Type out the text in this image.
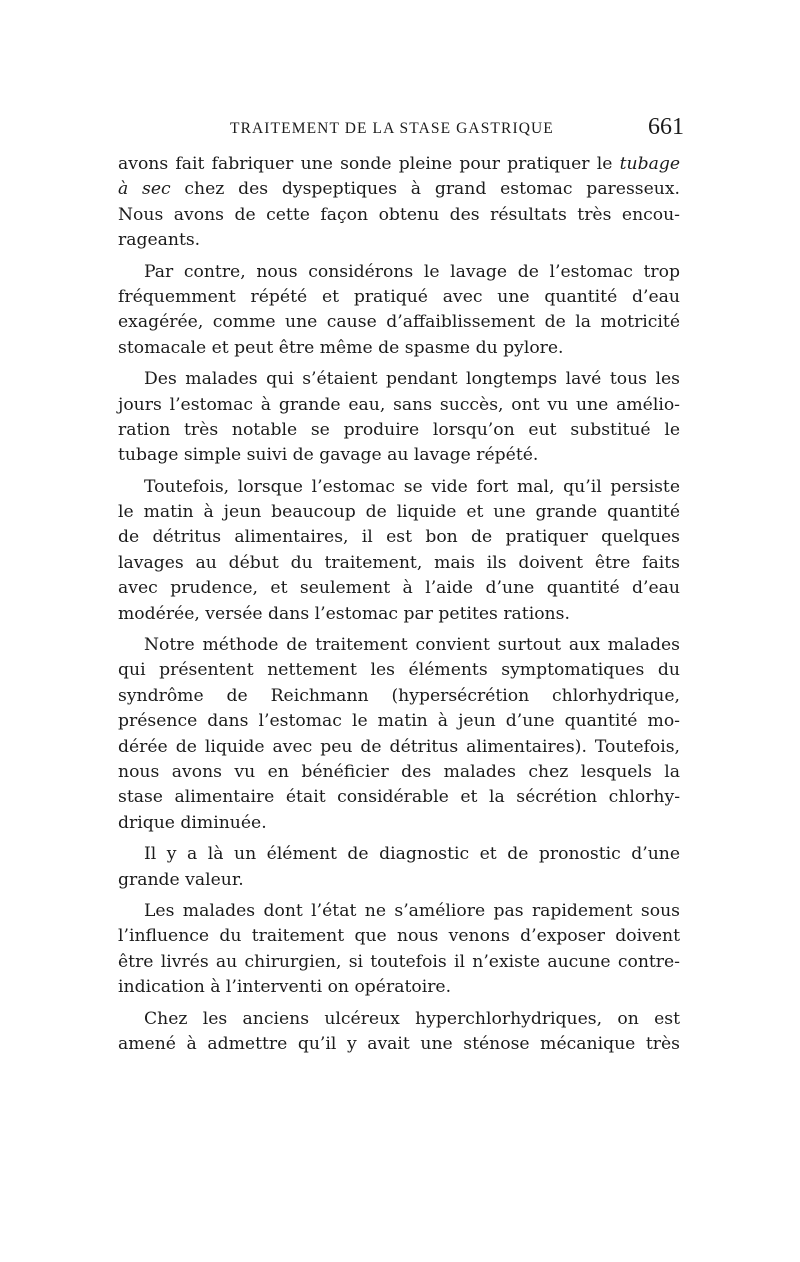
TRAITEMENT DE LA STASE GASTRIQUE	661
avons fait fabriquer une sonde pleine pour pratiquer le tubage
à sec chez des dyspeptiques à grand estomac paresseux.
Nous avons de cette façon obtenu des résultats très encou-
rageants.
Par contre, nous considérons le lavage de l’estomac trop
fréquemment répété et pratiqué avec une quantité d’eau
exagérée, comme une cause d’affaiblissement de la motricité
stomacale et peut être même de spasme du pylore.
Des malades qui s’étaient pendant longtemps lavé tous les
jours l’estomac à grande eau, sans succès, ont vu une amélio-
ration très notable se produire lorsqu’on eut substitué le
tubage simple suivi de gavage au lavage répété.
Toutefois, lorsque l’estomac se vide fort mal, qu’il persiste
le matin à jeun beaucoup de liquide et une grande quantité
de détritus alimentaires, il est bon de pratiquer quelques
lavages au début du traitement, mais ils doivent être faits
avec prudence, et seulement à l’aide d’une quantité d’eau
modérée, versée dans l’estomac par petites rations.
Notre méthode de traitement convient surtout aux malades
qui présentent nettement les éléments symptomatiques du
syndrôme de Reichmann (hypersécrétion chlorhydrique,
présence dans l’estomac le matin à jeun d’une quantité mo-
dérée de liquide avec peu de détritus alimentaires). Toutefois,
nous avons vu en bénéficier des malades chez lesquels la
stase alimentaire était considérable et la sécrétion chlorhy-
drique diminuée.
Il y a là un élément de diagnostic et de pronostic d’une
grande valeur.
Les malades dont l’état ne s’améliore pas rapidement sous
l’influence du traitement que nous venons d’exposer doivent
être livrés au chirurgien, si toutefois il n’existe aucune contre-
indication à l’interventi on opératoire.
Chez les anciens ulcéreux hyperchlorhydriques, on est
amené à admettre qu’il y avait une sténose mécanique très
